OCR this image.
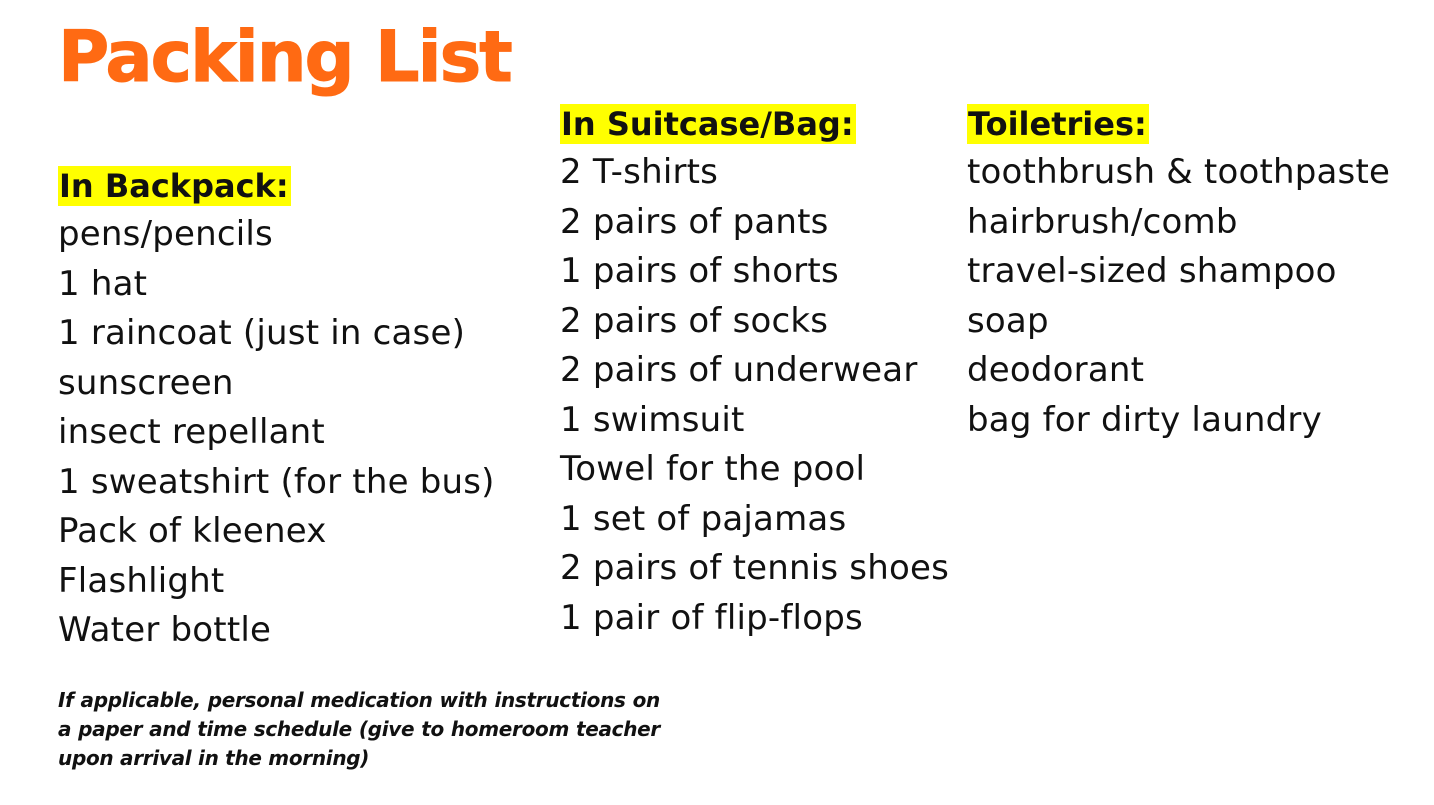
Packing List
In Backpack:
pens/pencils
1 hat
1 raincoat (just in case)
sunscreen
insect repellant
1 sweatshirt (for the bus)
Pack of kleenex
Flashlight
Water bottle
In Suitcase/Bag:
2 T-shirts
2 pairs of pants
1 pairs of shorts
2 pairs of socks
2 pairs of underwear
1 swimsuit
Towel for the pool
1 set of pajamas
2 pairs of tennis shoes
1 pair of flip-flops
Toiletries:
toothbrush & toothpaste
hairbrush/comb
travel-sized shampoo
soap
deodorant
bag for dirty laundry

If applicable, personal medication with instructions on a paper and time schedule (give to homeroom teacher upon arrival in the morning)
